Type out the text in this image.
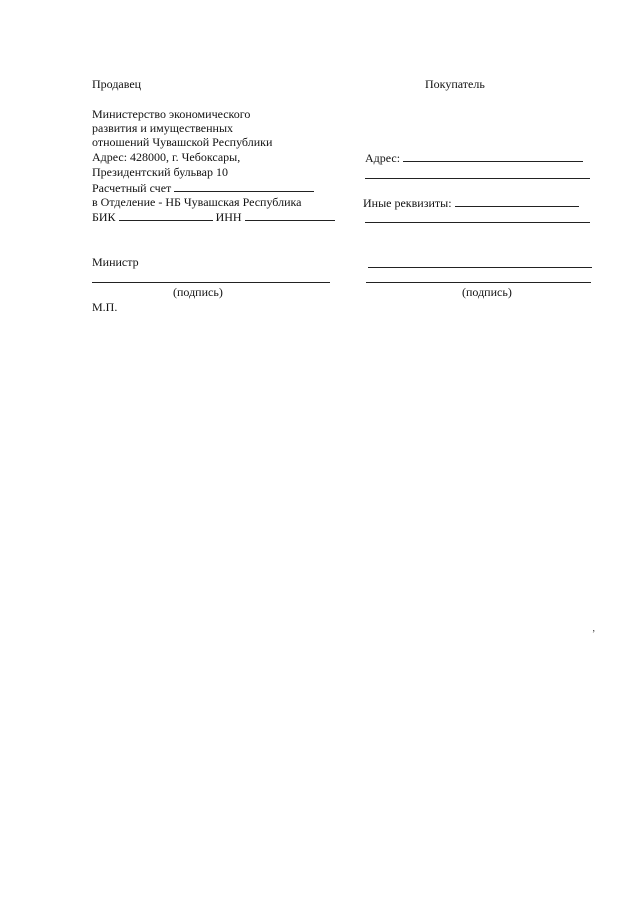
Продавец
Министерство экономического
развития и имущественных
отношений Чувашской Республики
Адрес: 428000, г. Чебоксары,
Президентский бульвар 10
Расчетный счет
в Отделение - НБ Чувашская Республика
БИК	ИНН
Министр
(подпись)
М.П.
Покупатель
Адрес:
Иные реквизиты:
(подпись)
’
